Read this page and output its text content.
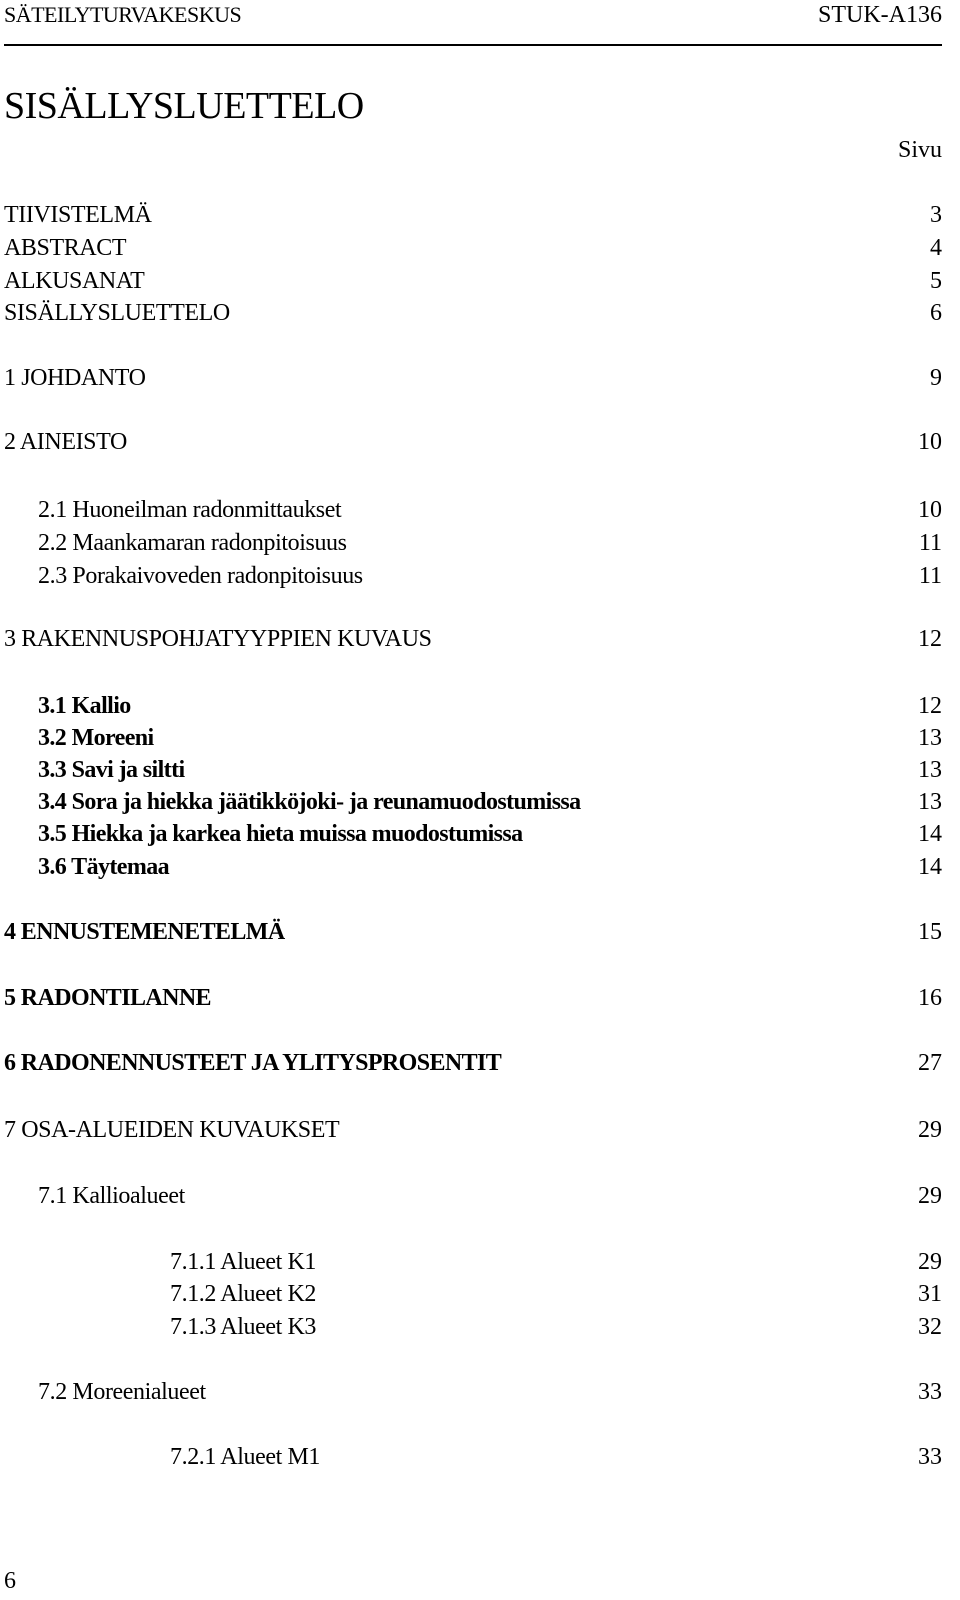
SÄTEILYTURVAKESKUS	STUK-A136
SISÄLLYSLUETTELO
Sivu
TIIVISTELMÄ	3
ABSTRACT	4
ALKUSANAT	5
SISÄLLYSLUETTELO	6
1 JOHDANTO	9
2 AINEISTO	10
2.1 Huoneilman radonmittaukset	10
2.2 Maankamaran radonpitoisuus	11
2.3 Porakaivoveden radonpitoisuus	11
3 RAKENNUSPOHJATYYPPIEN KUVAUS	12
3.1 Kallio	12
3.2 Moreeni	13
3.3 Savi ja siltti	13
3.4 Sora ja hiekka jäätikköjoki- ja reunamuodostumissa	13
3.5 Hiekka ja karkea hieta muissa muodostumissa	14
3.6 Täytemaa	14
4 ENNUSTEMENETELMÄ	15
5 RADONTILANNE	16
6 RADONENNUSTEET JA YLITYSPROSENTIT	27
7 OSA-ALUEIDEN KUVAUKSET	29
7.1 Kallioalueet	29
7.1.1 Alueet K1	29
7.1.2 Alueet K2	31
7.1.3 Alueet K3	32
7.2 Moreenialueet	33
7.2.1 Alueet M1	33
6
